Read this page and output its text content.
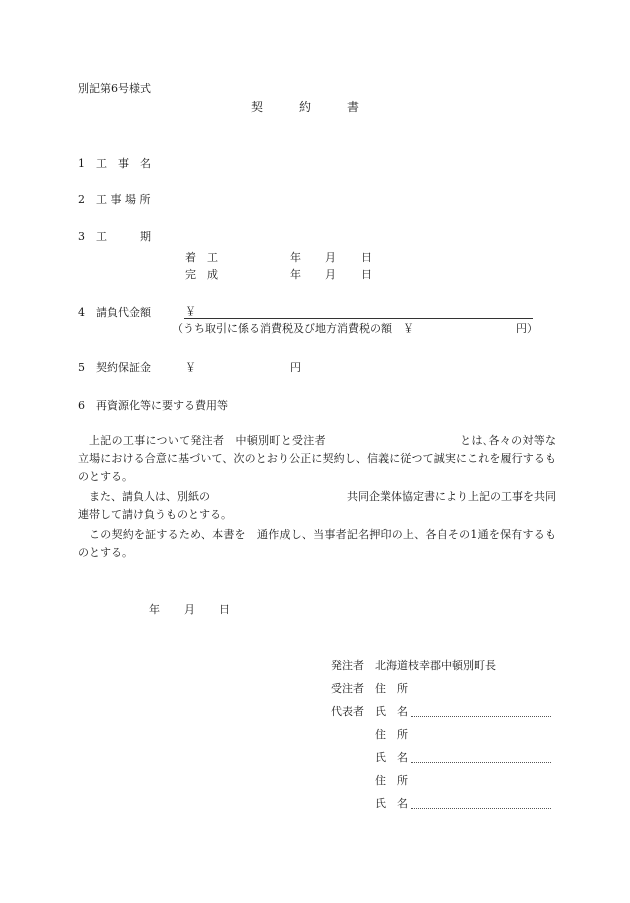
別記第6号様式
契　　　約　　　書
1　工　事　名
2　工 事 場 所
3　工　　　期
着　工	年 月 日
完　成	年 月 日
4　請負代金額	￥
（うち取引に係る消費税及び地方消費税の額　￥	円）
5　契約保証金	￥	円
6　再資源化等に要する費用等
上記の工事について発注者　中頓別町と受注者	とは､各々の対等な立場における合意に基づいて、次のとおり公正に契約し、信義に従つて誠実にこれを履行するものとする。
また、請負人は、別紙の	共同企業体協定書により上記の工事を共同連帯して請け負うものとする。
この契約を証するため、本書を　通作成し、当事者記名押印の上、各自その1通を保有するものとする。
年 月 日
発注者 北海道枝幸郡中頓別町長
受注者 住　所
代表者 氏　名
住　所
氏　名
住　所
氏　名
